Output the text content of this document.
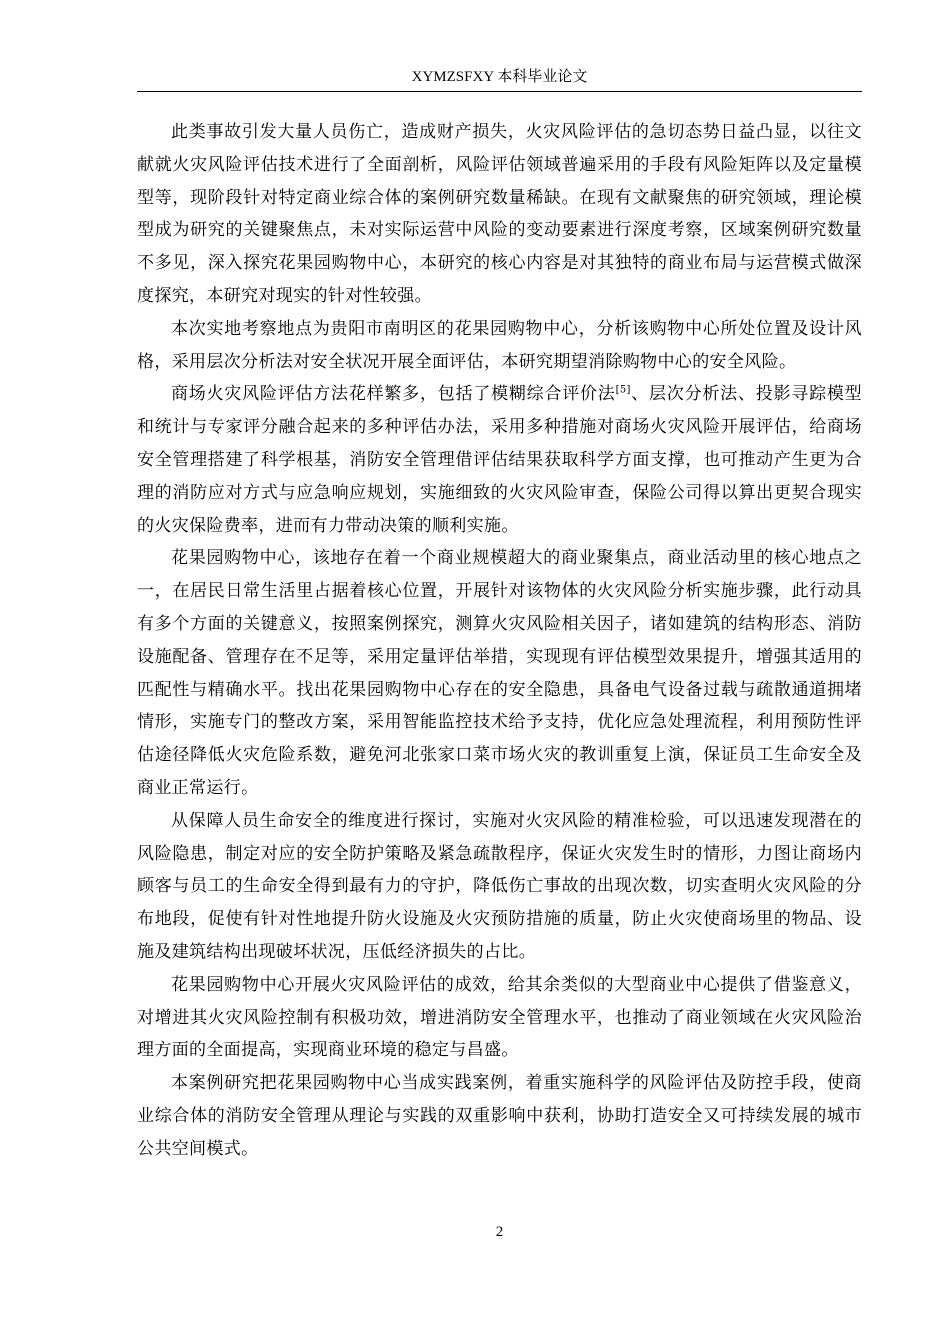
XYMZSFXY 本科毕业论文

此类事故引发大量人员伤亡，造成财产损失，火灾风险评估的急切态势日益凸显，以往文献就火灾风险评估技术进行了全面剖析，风险评估领域普遍采用的手段有风险矩阵以及定量模型等，现阶段针对特定商业综合体的案例研究数量稀缺。在现有文献聚焦的研究领域，理论模型成为研究的关键聚焦点，未对实际运营中风险的变动要素进行深度考察，区域案例研究数量不多见，深入探究花果园购物中心，本研究的核心内容是对其独特的商业布局与运营模式做深度探究，本研究对现实的针对性较强。

本次实地考察地点为贵阳市南明区的花果园购物中心，分析该购物中心所处位置及设计风格，采用层次分析法对安全状况开展全面评估，本研究期望消除购物中心的安全风险。

商场火灾风险评估方法花样繁多，包括了模糊综合评价法[5]、层次分析法、投影寻踪模型和统计与专家评分融合起来的多种评估办法，采用多种措施对商场火灾风险开展评估，给商场安全管理搭建了科学根基，消防安全管理借评估结果获取科学方面支撑，也可推动产生更为合理的消防应对方式与应急响应规划，实施细致的火灾风险审查，保险公司得以算出更契合现实的火灾保险费率，进而有力带动决策的顺利实施。

花果园购物中心，该地存在着一个商业规模超大的商业聚集点，商业活动里的核心地点之一，在居民日常生活里占据着核心位置，开展针对该物体的火灾风险分析实施步骤，此行动具有多个方面的关键意义，按照案例探究，测算火灾风险相关因子，诸如建筑的结构形态、消防设施配备、管理存在不足等，采用定量评估举措，实现现有评估模型效果提升，增强其适用的匹配性与精确水平。找出花果园购物中心存在的安全隐患，具备电气设备过载与疏散通道拥堵情形，实施专门的整改方案，采用智能监控技术给予支持，优化应急处理流程，利用预防性评估途径降低火灾危险系数，避免河北张家口菜市场火灾的教训重复上演，保证员工生命安全及商业正常运行。

从保障人员生命安全的维度进行探讨，实施对火灾风险的精准检验，可以迅速发现潜在的风险隐患，制定对应的安全防护策略及紧急疏散程序，保证火灾发生时的情形，力图让商场内顾客与员工的生命安全得到最有力的守护，降低伤亡事故的出现次数，切实查明火灾风险的分布地段，促使有针对性地提升防火设施及火灾预防措施的质量，防止火灾使商场里的物品、设施及建筑结构出现破坏状况，压低经济损失的占比。

花果园购物中心开展火灾风险评估的成效，给其余类似的大型商业中心提供了借鉴意义，对增进其火灾风险控制有积极功效，增进消防安全管理水平，也推动了商业领域在火灾风险治理方面的全面提高，实现商业环境的稳定与昌盛。

本案例研究把花果园购物中心当成实践案例，着重实施科学的风险评估及防控手段，使商业综合体的消防安全管理从理论与实践的双重影响中获利，协助打造安全又可持续发展的城市公共空间模式。

2
